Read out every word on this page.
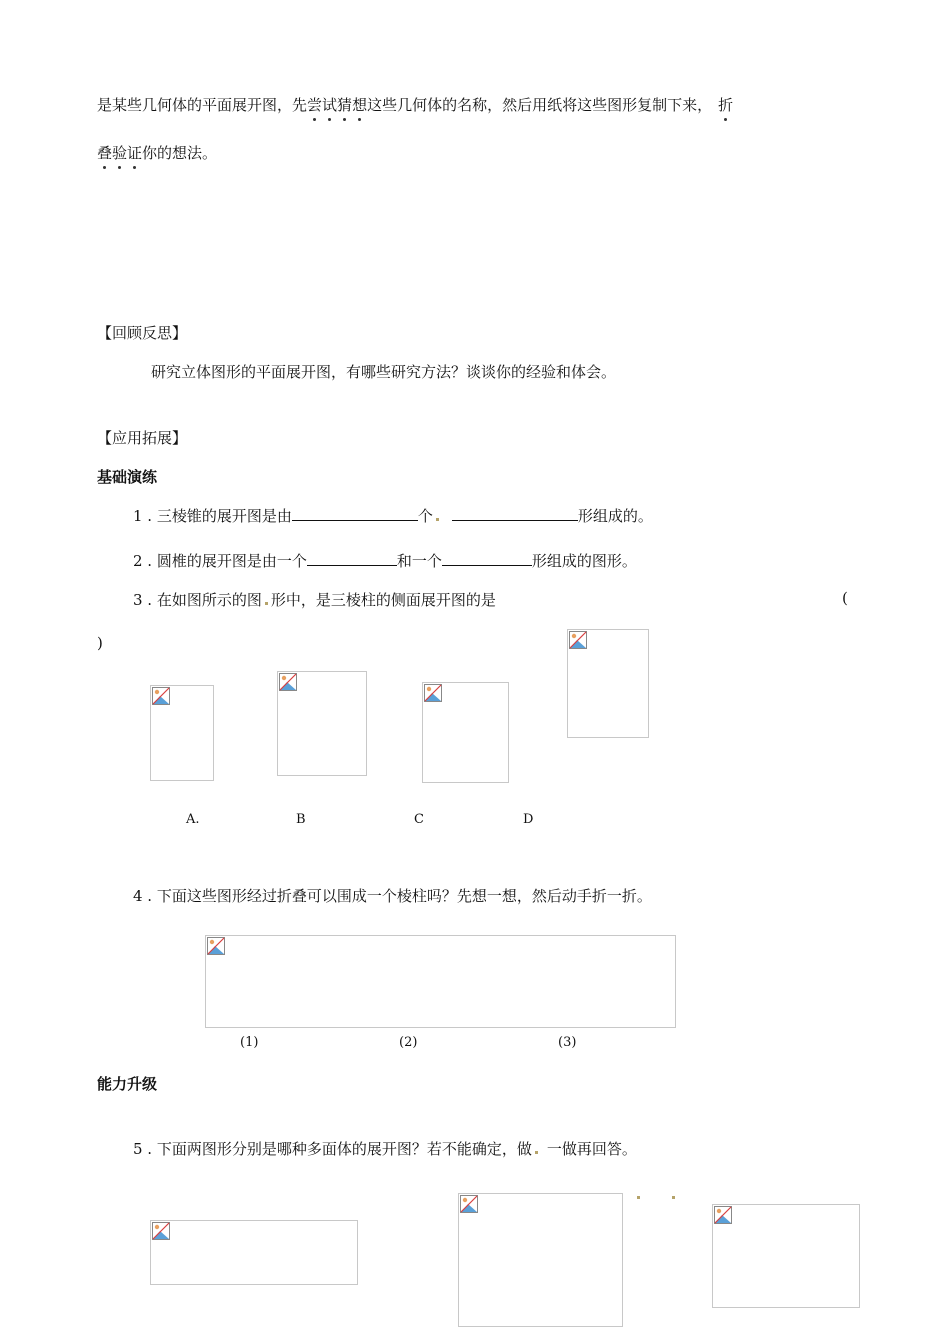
是某些几何体的平面展开图，先尝试猜想这些几何体的名称，然后用纸将这些图形复制下来， 折
叠验证你的想法。
【回顾反思】
研究立体图形的平面展开图，有哪些研究方法？谈谈你的经验和体会。
【应用拓展】
基础演练
1 . 三棱锥的展开图是由	个	形组成的。
2 . 圆椎的展开图是由一个	和一个	形组成的图形。
3 . 在如图所示的图 形中，是三棱柱的侧面展开图的是	(
)
A.	B	C	D
4 . 下面这些图形经过折叠可以围成一个棱柱吗？先想一想，然后动手折一折。
(1)	(2)	(3)
能力升级
5 . 下面两图形分别是哪种多面体的展开图？若不能确定，做 一做再回答。
